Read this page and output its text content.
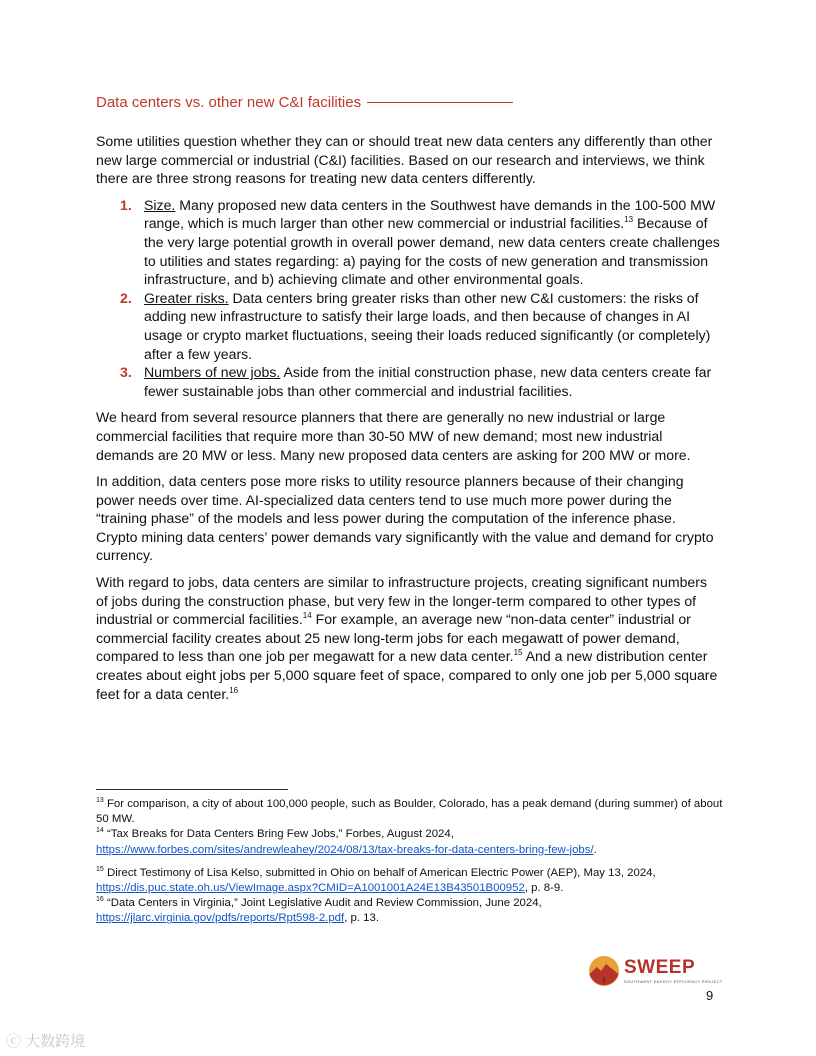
Data centers vs. other new C&I facilities

Some utilities question whether they can or should treat new data centers any differently than other new large commercial or industrial (C&I) facilities. Based on our research and interviews, we think there are three strong reasons for treating new data centers differently.

1. Size. Many proposed new data centers in the Southwest have demands in the 100-500 MW range, which is much larger than other new commercial or industrial facilities.$^{13}$ Because of the very large potential growth in overall power demand, new data centers create challenges to utilities and states regarding: a) paying for the costs of new generation and transmission infrastructure, and b) achieving climate and other environmental goals.
2. Greater risks. Data centers bring greater risks than other new C&I customers: the risks of adding new infrastructure to satisfy their large loads, and then because of changes in AI usage or crypto market fluctuations, seeing their loads reduced significantly (or completely) after a few years.
3. Numbers of new jobs. Aside from the initial construction phase, new data centers create far fewer sustainable jobs than other commercial and industrial facilities.

We heard from several resource planners that there are generally no new industrial or large commercial facilities that require more than 30-50 MW of new demand; most new industrial demands are 20 MW or less. Many new proposed data centers are asking for 200 MW or more.

In addition, data centers pose more risks to utility resource planners because of their changing power needs over time. AI-specialized data centers tend to use much more power during the “training phase” of the models and less power during the computation of the inference phase. Crypto mining data centers’ power demands vary significantly with the value and demand for crypto currency.

With regard to jobs, data centers are similar to infrastructure projects, creating significant numbers of jobs during the construction phase, but very few in the longer-term compared to other types of industrial or commercial facilities.$^{14}$ For example, an average new “non-data center” industrial or commercial facility creates about 25 new long-term jobs for each megawatt of power demand, compared to less than one job per megawatt for a new data center.$^{15}$ And a new distribution center creates about eight jobs per 5,000 square feet of space, compared to only one job per 5,000 square feet for a data center.$^{16}$

$^{13}$ For comparison, a city of about 100,000 people, such as Boulder, Colorado, has a peak demand (during summer) of about 50 MW.

$^{14}$ “Tax Breaks for Data Centers Bring Few Jobs,” Forbes, August 2024,
https://www.forbes.com/sites/andrewleahey/2024/08/13/tax-breaks-for-data-centers-bring-few-jobs/.

$^{15}$ Direct Testimony of Lisa Kelso, submitted in Ohio on behalf of American Electric Power (AEP), May 13, 2024, https://dis.puc.state.oh.us/ViewImage.aspx?CMID=A1001001A24E13B43501B00952, p. 8-9.

$^{16}$ “Data Centers in Virginia,” Joint Legislative Audit and Review Commission, June 2024,
https://jlarc.virginia.gov/pdfs/reports/Rpt598-2.pdf, p. 13.

SWEEP
SOUTHWEST ENERGY EFFICIENCY PROJECT
9
ⓒ 大数跨境
